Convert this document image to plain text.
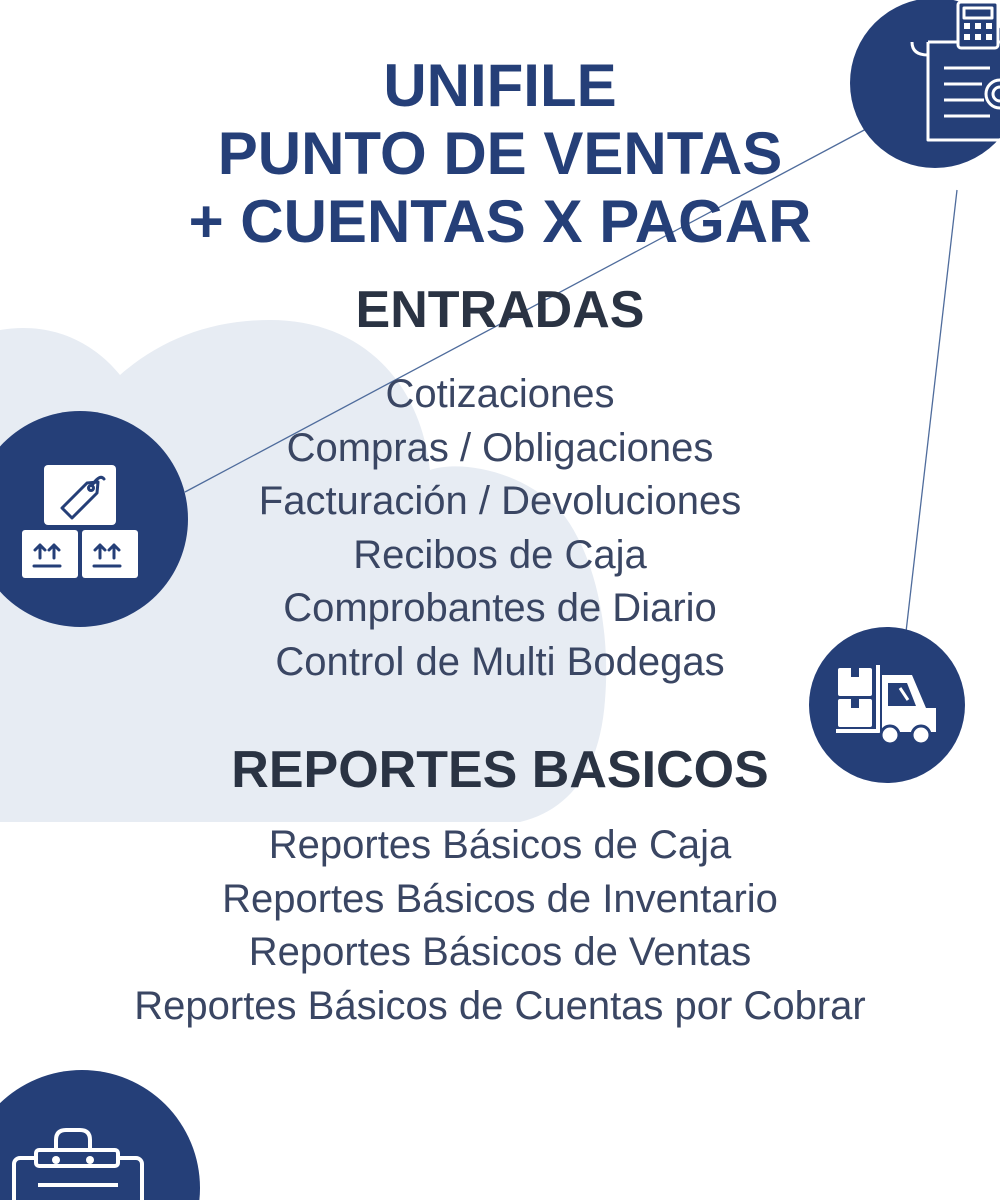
UNIFILE
PUNTO DE VENTAS
+ CUENTAS X PAGAR
ENTRADAS
Cotizaciones
Compras / Obligaciones
Facturación / Devoluciones
Recibos de Caja
Comprobantes de Diario
Control de Multi Bodegas
REPORTES BASICOS
Reportes Básicos de Caja
Reportes Básicos de Inventario
Reportes Básicos de Ventas
Reportes Básicos de Cuentas por Cobrar
